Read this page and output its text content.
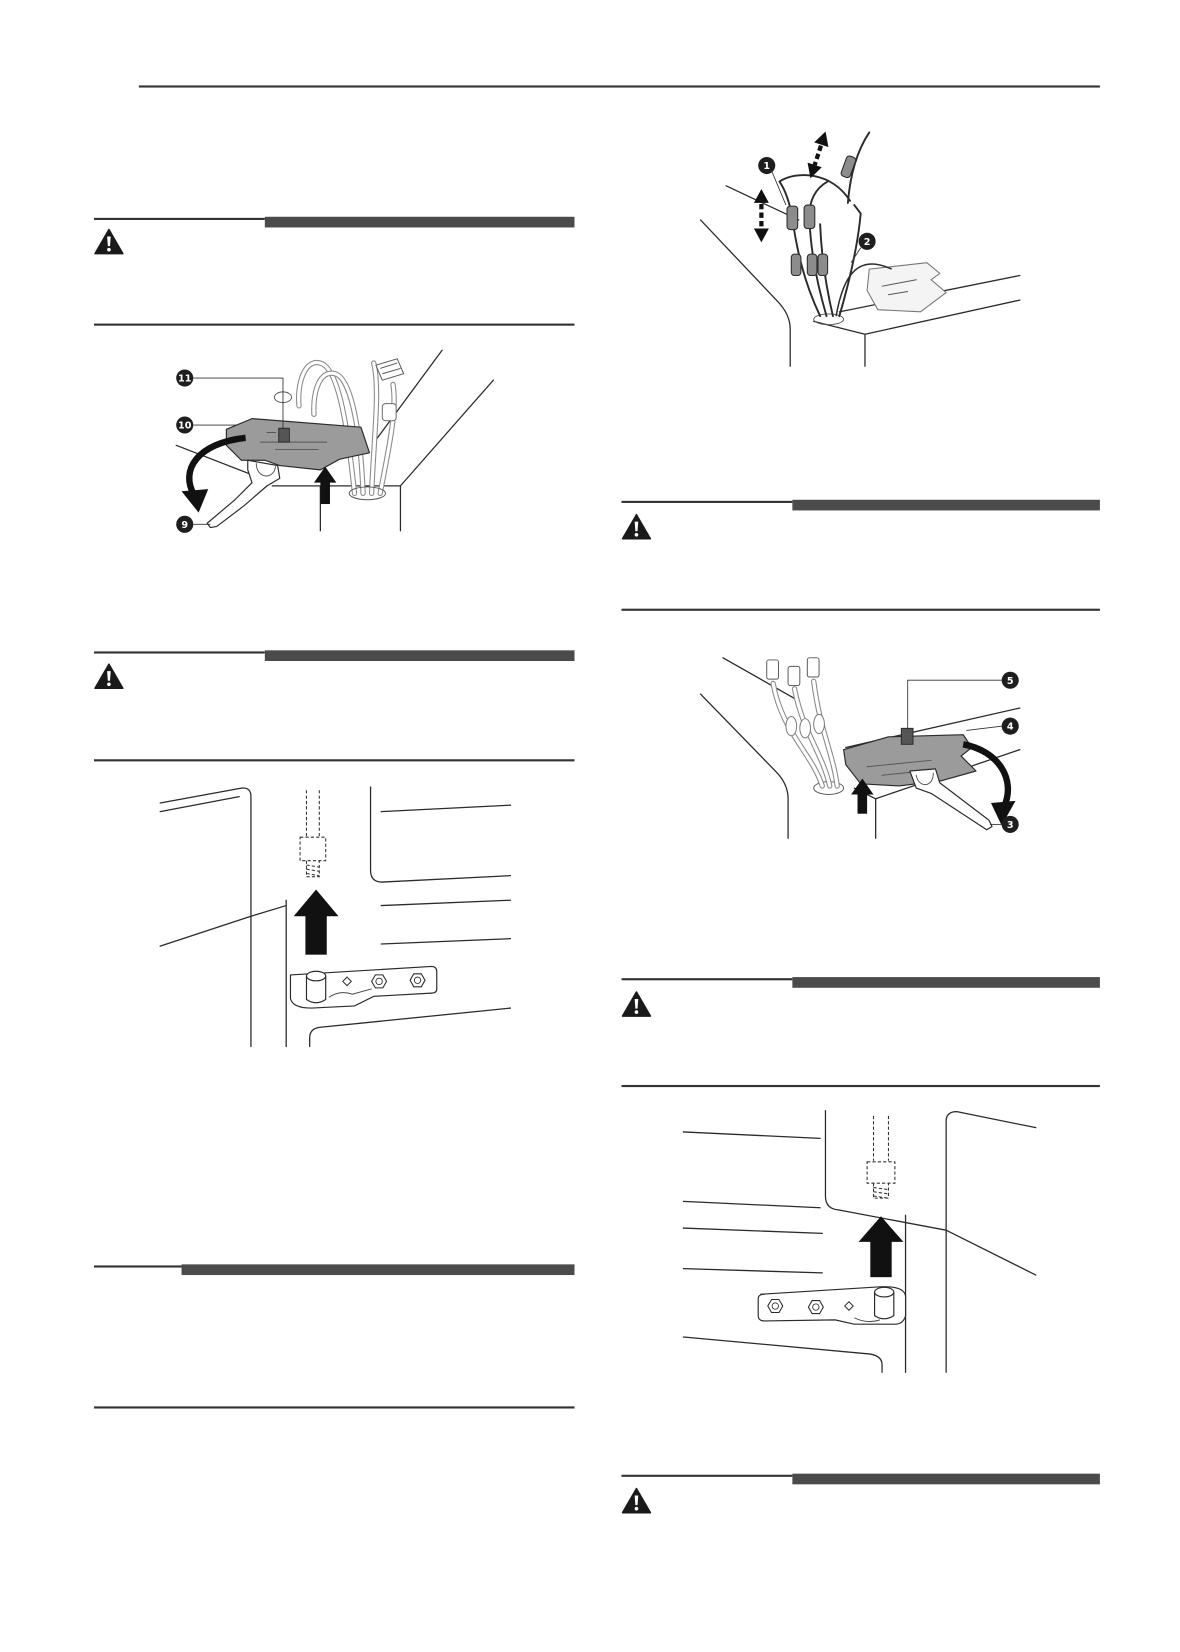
11
10
9
1
2
5
4
3
